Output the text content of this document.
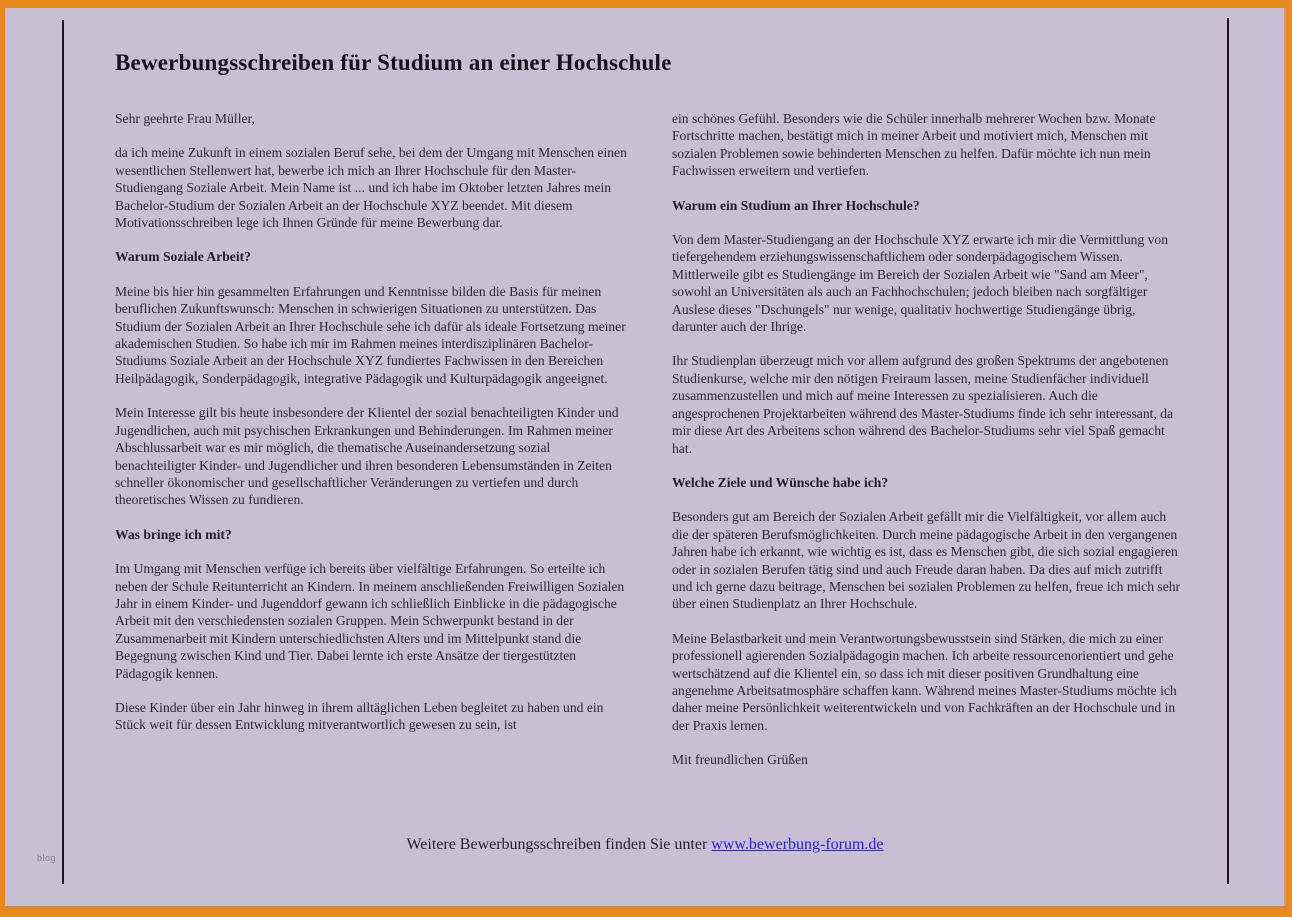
Bewerbungsschreiben für Studium an einer Hochschule

Sehr geehrte Frau Müller,

da ich meine Zukunft in einem sozialen Beruf sehe, bei dem der Umgang mit Menschen einen wesentlichen Stellenwert hat, bewerbe ich mich an Ihrer Hochschule für den Master-Studiengang Soziale Arbeit. Mein Name ist ... und ich habe im Oktober letzten Jahres mein Bachelor-Studium der Sozialen Arbeit an der Hochschule XYZ beendet. Mit diesem Motivationsschreiben lege ich Ihnen Gründe für meine Bewerbung dar.

Warum Soziale Arbeit?

Meine bis hier hin gesammelten Erfahrungen und Kenntnisse bilden die Basis für meinen beruflichen Zukunftswunsch: Menschen in schwierigen Situationen zu unterstützen. Das Studium der Sozialen Arbeit an Ihrer Hochschule sehe ich dafür als ideale Fortsetzung meiner akademischen Studien. So habe ich mir im Rahmen meines interdisziplinären Bachelor-Studiums Soziale Arbeit an der Hochschule XYZ fundiertes Fachwissen in den Bereichen Heilpädagogik, Sonderpädagogik, integrative Pädagogik und Kulturpädagogik angeeignet.

Mein Interesse gilt bis heute insbesondere der Klientel der sozial benachteiligten Kinder und Jugendlichen, auch mit psychischen Erkrankungen und Behinderungen. Im Rahmen meiner Abschlussarbeit war es mir möglich, die thematische Auseinandersetzung sozial benachteiligter Kinder- und Jugendlicher und ihren besonderen Lebensumständen in Zeiten schneller ökonomischer und gesellschaftlicher Veränderungen zu vertiefen und durch theoretisches Wissen zu fundieren.

Was bringe ich mit?

Im Umgang mit Menschen verfüge ich bereits über vielfältige Erfahrungen. So erteilte ich neben der Schule Reitunterricht an Kindern. In meinem anschließenden Freiwilligen Sozialen Jahr in einem Kinder- und Jugenddorf gewann ich schließlich Einblicke in die pädagogische Arbeit mit den verschiedensten sozialen Gruppen. Mein Schwerpunkt bestand in der Zusammenarbeit mit Kindern unterschiedlichsten Alters und im Mittelpunkt stand die Begegnung zwischen Kind und Tier. Dabei lernte ich erste Ansätze der tiergestützten Pädagogik kennen.

Diese Kinder über ein Jahr hinweg in ihrem alltäglichen Leben begleitet zu haben und ein Stück weit für dessen Entwicklung mitverantwortlich gewesen zu sein, ist

ein schönes Gefühl. Besonders wie die Schüler innerhalb mehrerer Wochen bzw. Monate Fortschritte machen, bestätigt mich in meiner Arbeit und motiviert mich, Menschen mit sozialen Problemen sowie behinderten Menschen zu helfen. Dafür möchte ich nun mein Fachwissen erweitern und vertiefen.

Warum ein Studium an Ihrer Hochschule?

Von dem Master-Studiengang an der Hochschule XYZ erwarte ich mir die Vermittlung von tiefergehendem erziehungswissenschaftlichem oder sonderpädagogischem Wissen. Mittlerweile gibt es Studiengänge im Bereich der Sozialen Arbeit wie "Sand am Meer", sowohl an Universitäten als auch an Fachhochschulen; jedoch bleiben nach sorgfältiger Auslese dieses "Dschungels" nur wenige, qualitativ hochwertige Studiengänge übrig, darunter auch der Ihrige.

Ihr Studienplan überzeugt mich vor allem aufgrund des großen Spektrums der angebotenen Studienkurse, welche mir den nötigen Freiraum lassen, meine Studienfächer individuell zusammenzustellen und mich auf meine Interessen zu spezialisieren. Auch die angesprochenen Projektarbeiten während des Master-Studiums finde ich sehr interessant, da mir diese Art des Arbeitens schon während des Bachelor-Studiums sehr viel Spaß gemacht hat.

Welche Ziele und Wünsche habe ich?

Besonders gut am Bereich der Sozialen Arbeit gefällt mir die Vielfältigkeit, vor allem auch die der späteren Berufsmöglichkeiten. Durch meine pädagogische Arbeit in den vergangenen Jahren habe ich erkannt, wie wichtig es ist, dass es Menschen gibt, die sich sozial engagieren oder in sozialen Berufen tätig sind und auch Freude daran haben. Da dies auf mich zutrifft und ich gerne dazu beitrage, Menschen bei sozialen Problemen zu helfen, freue ich mich sehr über einen Studienplatz an Ihrer Hochschule.

Meine Belastbarkeit und mein Verantwortungsbewusstsein sind Stärken, die mich zu einer professionell agierenden Sozialpädagogin machen. Ich arbeite ressourcenorientiert und gehe wertschätzend auf die Klientel ein, so dass ich mit dieser positiven Grundhaltung eine angenehme Arbeitsatmosphäre schaffen kann. Während meines Master-Studiums möchte ich daher meine Persönlichkeit weiterentwickeln und von Fachkräften an der Hochschule und in der Praxis lernen.

Mit freundlichen Grüßen

Weitere Bewerbungsschreiben finden Sie unter www.bewerbung-forum.de
blog
